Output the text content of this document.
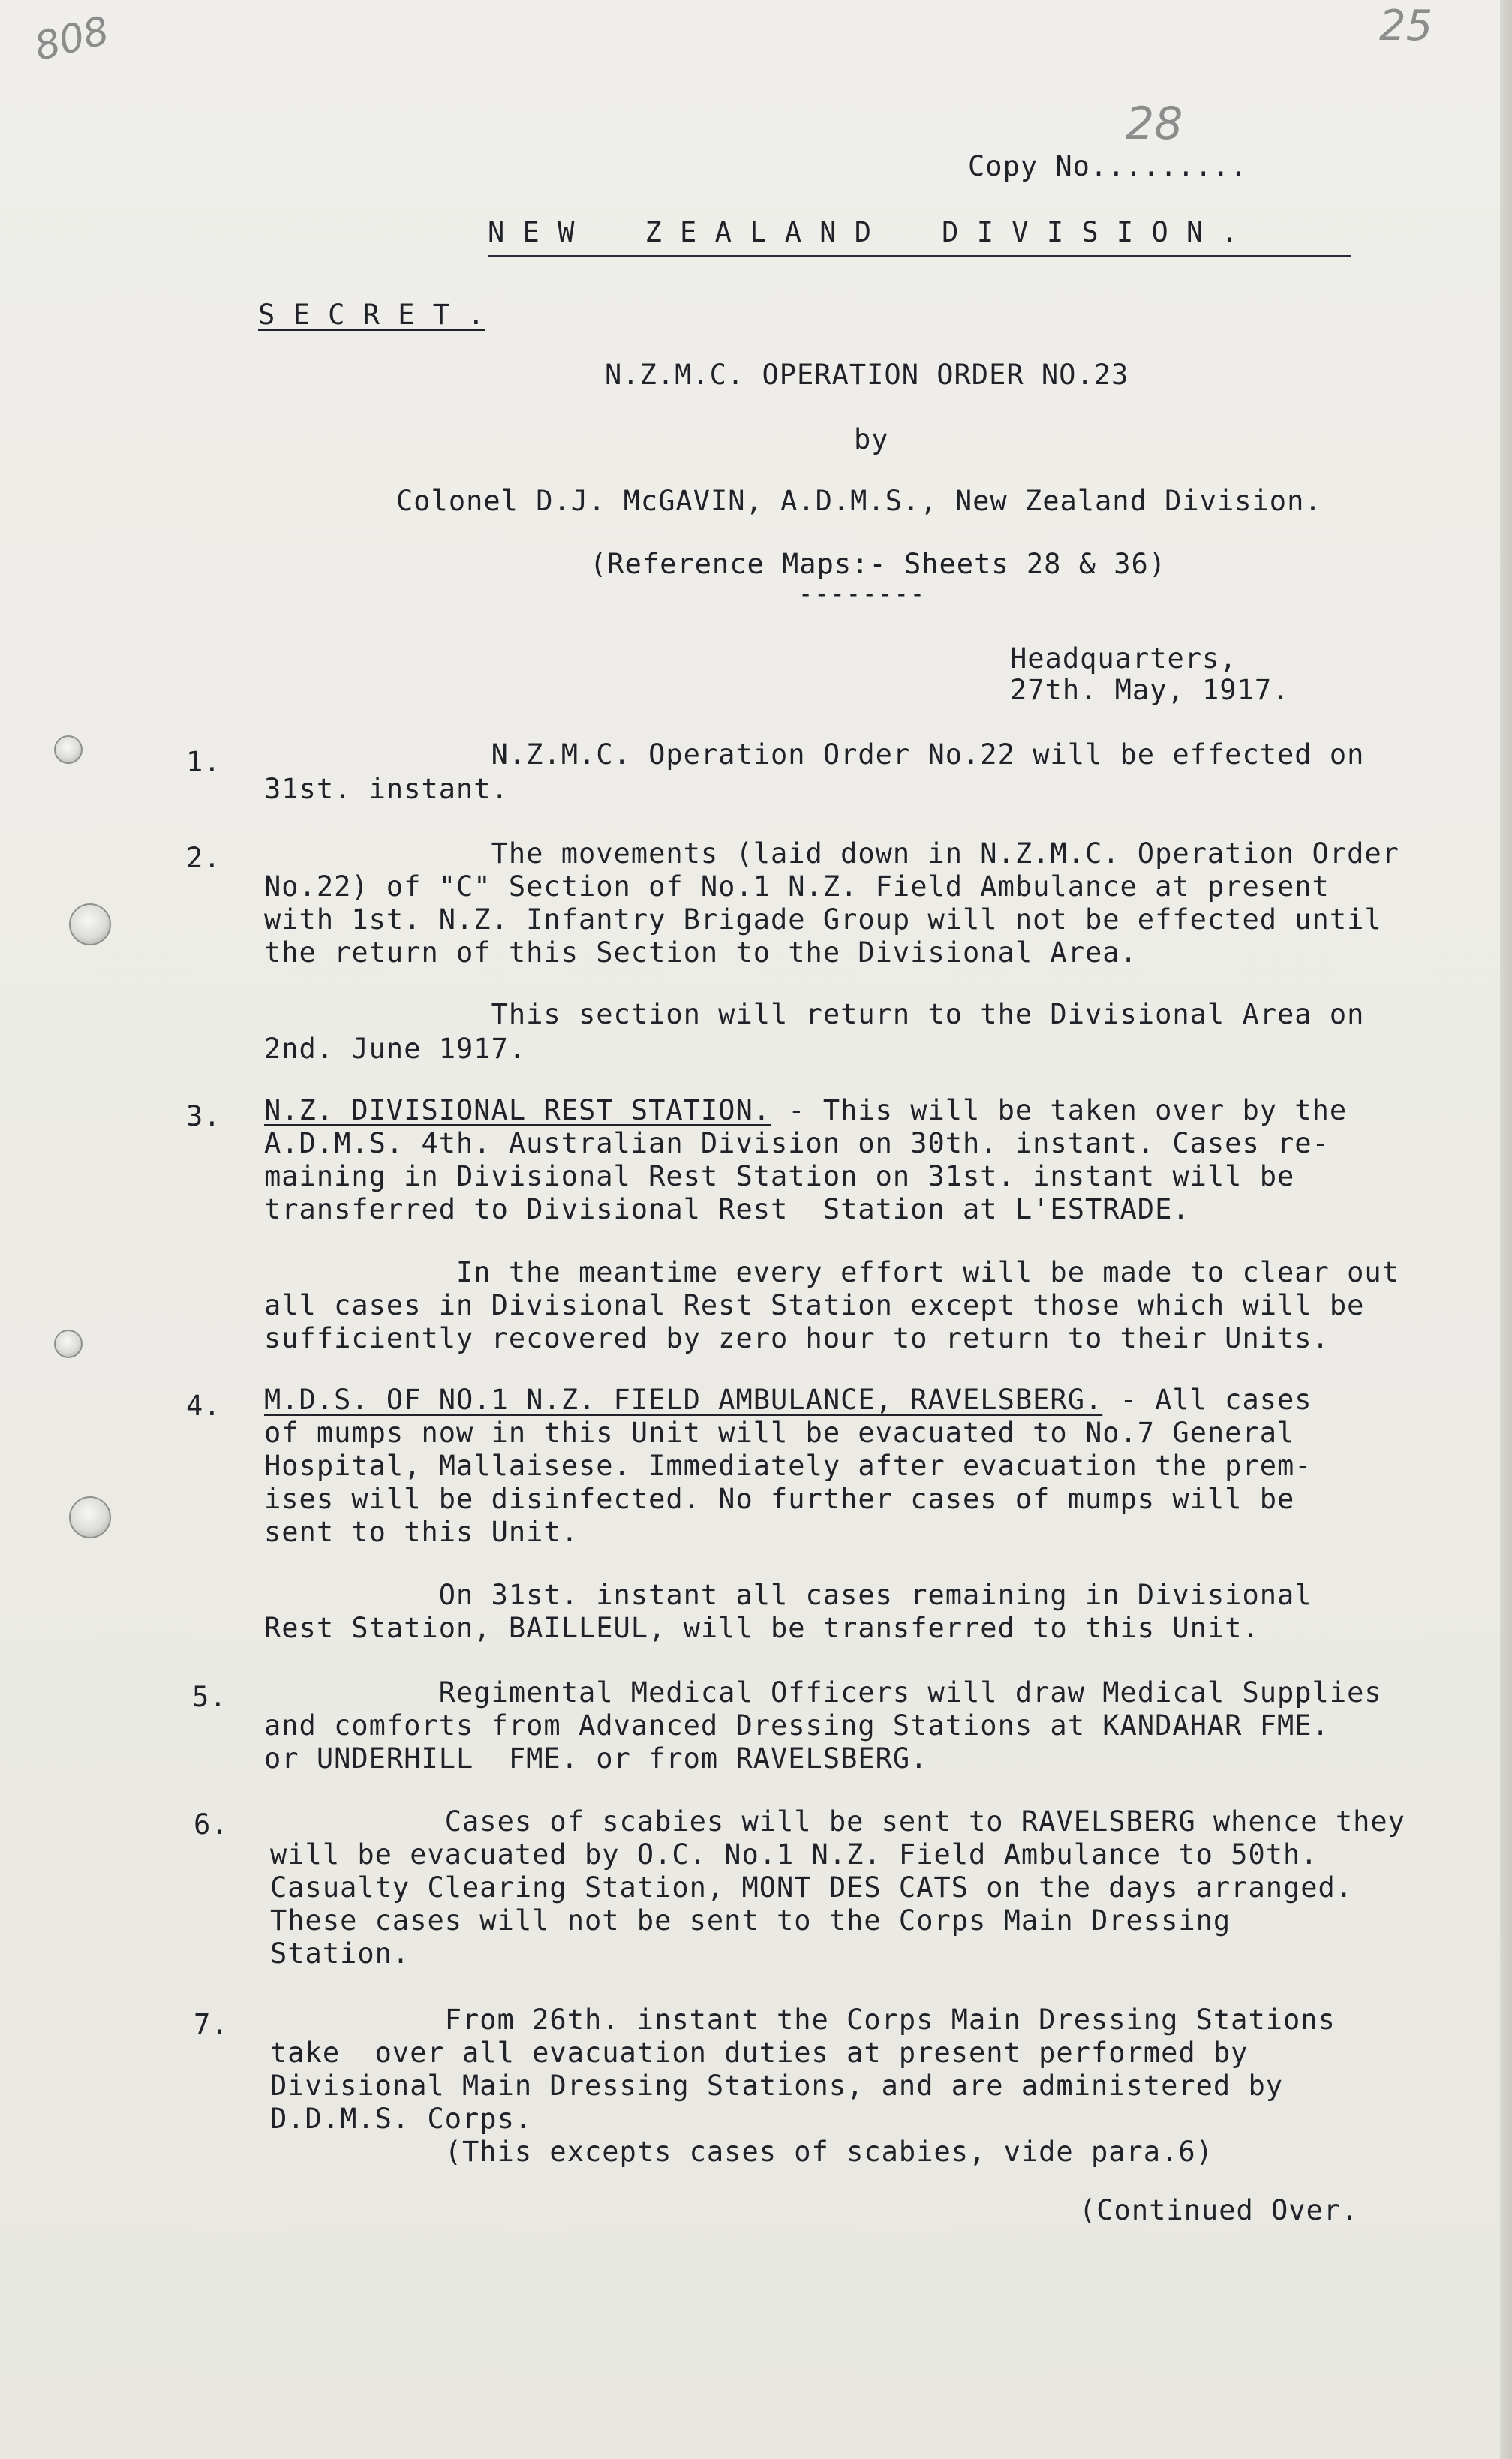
808	25
28
Copy No.........
N E W    Z E A L A N D    D I V I S I O N .
S E C R E T .
N.Z.M.C. OPERATION ORDER NO.23
by
Colonel D.J. McGAVIN, A.D.M.S., New Zealand Division.
(Reference Maps:- Sheets 28 & 36)
--------
Headquarters,
27th. May, 1917.
1. N.Z.M.C. Operation Order No.22 will be effected on
31st. instant.
2. The movements (laid down in N.Z.M.C. Operation Order
No.22) of "C" Section of No.1 N.Z. Field Ambulance at present
with 1st. N.Z. Infantry Brigade Group will not be effected until
the return of this Section to the Divisional Area.
This section will return to the Divisional Area on
2nd. June 1917.
3. N.Z. DIVISIONAL REST STATION. - This will be taken over by the
A.D.M.S. 4th. Australian Division on 30th. instant. Cases re-
maining in Divisional Rest Station on 31st. instant will be
transferred to Divisional Rest  Station at L'ESTRADE.
In the meantime every effort will be made to clear out
all cases in Divisional Rest Station except those which will be
sufficiently recovered by zero hour to return to their Units.
4. M.D.S. OF NO.1 N.Z. FIELD AMBULANCE, RAVELSBERG. - All cases
of mumps now in this Unit will be evacuated to No.7 General
Hospital, Mallaisese. Immediately after evacuation the prem-
ises will be disinfected. No further cases of mumps will be
sent to this Unit.
On 31st. instant all cases remaining in Divisional
Rest Station, BAILLEUL, will be transferred to this Unit.
5. Regimental Medical Officers will draw Medical Supplies
and comforts from Advanced Dressing Stations at KANDAHAR FME.
or UNDERHILL  FME. or from RAVELSBERG.
6. Cases of scabies will be sent to RAVELSBERG whence they
will be evacuated by O.C. No.1 N.Z. Field Ambulance to 50th.
Casualty Clearing Station, MONT DES CATS on the days arranged.
These cases will not be sent to the Corps Main Dressing
Station.
7. From 26th. instant the Corps Main Dressing Stations
take  over all evacuation duties at present performed by
Divisional Main Dressing Stations, and are administered by
D.D.M.S. Corps.
(This excepts cases of scabies, vide para.6)
(Continued Over.
